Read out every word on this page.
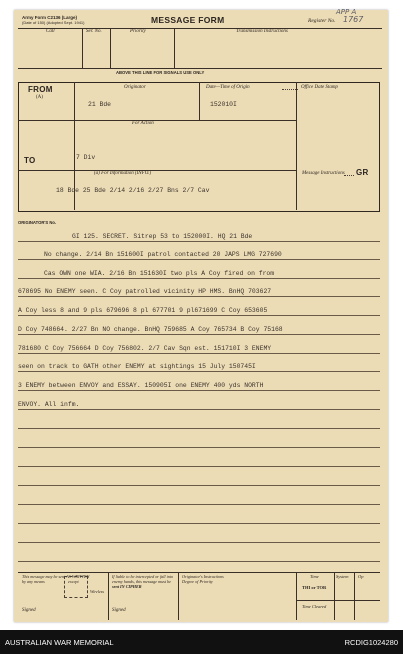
Army Form C2136 (Large)
(Date of 150) (Adopted Sept. 1941)	MESSAGE FORM
APP A
Register No. 1767
Call	Ser. No.	Priority	Transmission Instructions
ABOVE THIS LINE FOR SIGNALS USE ONLY
FROM
(A)
Originator
21 Bde
Date—Time of Origin
152010I
For Action
Office Date Stamp
TO	7 Div
(a) For Information (INFO.)
18 Bde 25 Bde 2/14 2/16 2/27 Bns 2/7 Cav
Message Instructions GR
ORIGINATOR'S No.
GI 125. SECRET. Sitrep 53 to 152000I. HQ 21 Bde
No change. 2/14 Bn 151600I patrol contacted 20 JAPS LMG 727690
Cas OWN one WIA. 2/16 Bn 151630I two pls A Coy fired on from
678695 No ENEMY seen. C Coy patrolled vicinity HP HMS. BnHQ 703627
A Coy less 8 and 9 pls 679696 8 pl 677701 9 pl671699 C Coy 653605
D Coy 748664. 2/27 Bn NO change. BnHQ 759685 A Coy 765734 B Coy 75168
781680 C Coy 756664 D Coy 756802. 2/7 Cav Sqn est. 151710I 3 ENEMY
seen on track to GATH other ENEMY at sightings 15 July 150745I
3 ENEMY between ENVOY and ESSAY. 150905I one ENEMY 400 yds NORTH
ENVOY. All infm.
This message may be sent AS WRITTEN
by any means	except
Wireless
Signed
If liable to be intercepted or fall into
enemy hands, this message must be
sent IN CIPHER
Signed
Originator's Instructions
Degree of Priority
Time	System Op
THI or TOR
Time Cleared
AUSTRALIAN WAR MEMORIAL	RCDIG1024280
